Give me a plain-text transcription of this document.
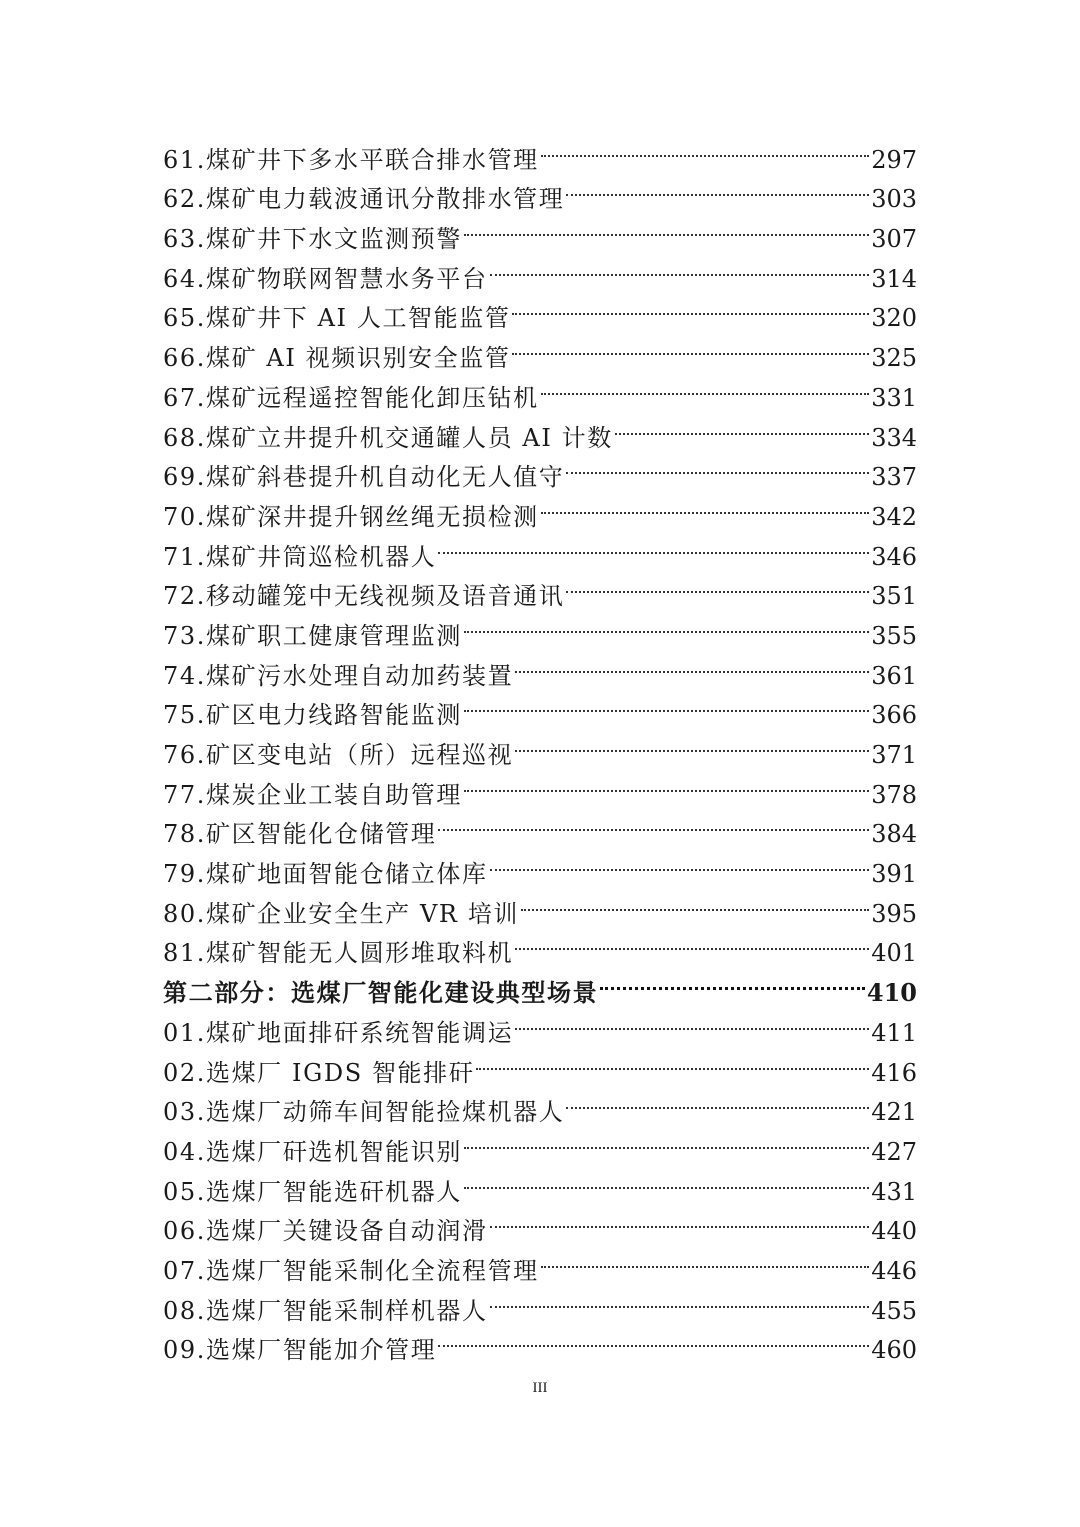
61.煤矿井下多水平联合排水管理	297
62.煤矿电力载波通讯分散排水管理	303
63.煤矿井下水文监测预警	307
64.煤矿物联网智慧水务平台	314
65.煤矿井下 AI 人工智能监管	320
66.煤矿 AI 视频识别安全监管	325
67.煤矿远程遥控智能化卸压钻机	331
68.煤矿立井提升机交通罐人员 AI 计数	334
69.煤矿斜巷提升机自动化无人值守	337
70.煤矿深井提升钢丝绳无损检测	342
71.煤矿井筒巡检机器人	346
72.移动罐笼中无线视频及语音通讯	351
73.煤矿职工健康管理监测	355
74.煤矿污水处理自动加药装置	361
75.矿区电力线路智能监测	366
76.矿区变电站（所）远程巡视	371
77.煤炭企业工装自助管理	378
78.矿区智能化仓储管理	384
79.煤矿地面智能仓储立体库	391
80.煤矿企业安全生产 VR 培训	395
81.煤矿智能无人圆形堆取料机	401
第二部分：选煤厂智能化建设典型场景	410
01.煤矿地面排矸系统智能调运	411
02.选煤厂 IGDS 智能排矸	416
03.选煤厂动筛车间智能捡煤机器人	421
04.选煤厂矸选机智能识别	427
05.选煤厂智能选矸机器人	431
06.选煤厂关键设备自动润滑	440
07.选煤厂智能采制化全流程管理	446
08.选煤厂智能采制样机器人	455
09.选煤厂智能加介管理	460
III
